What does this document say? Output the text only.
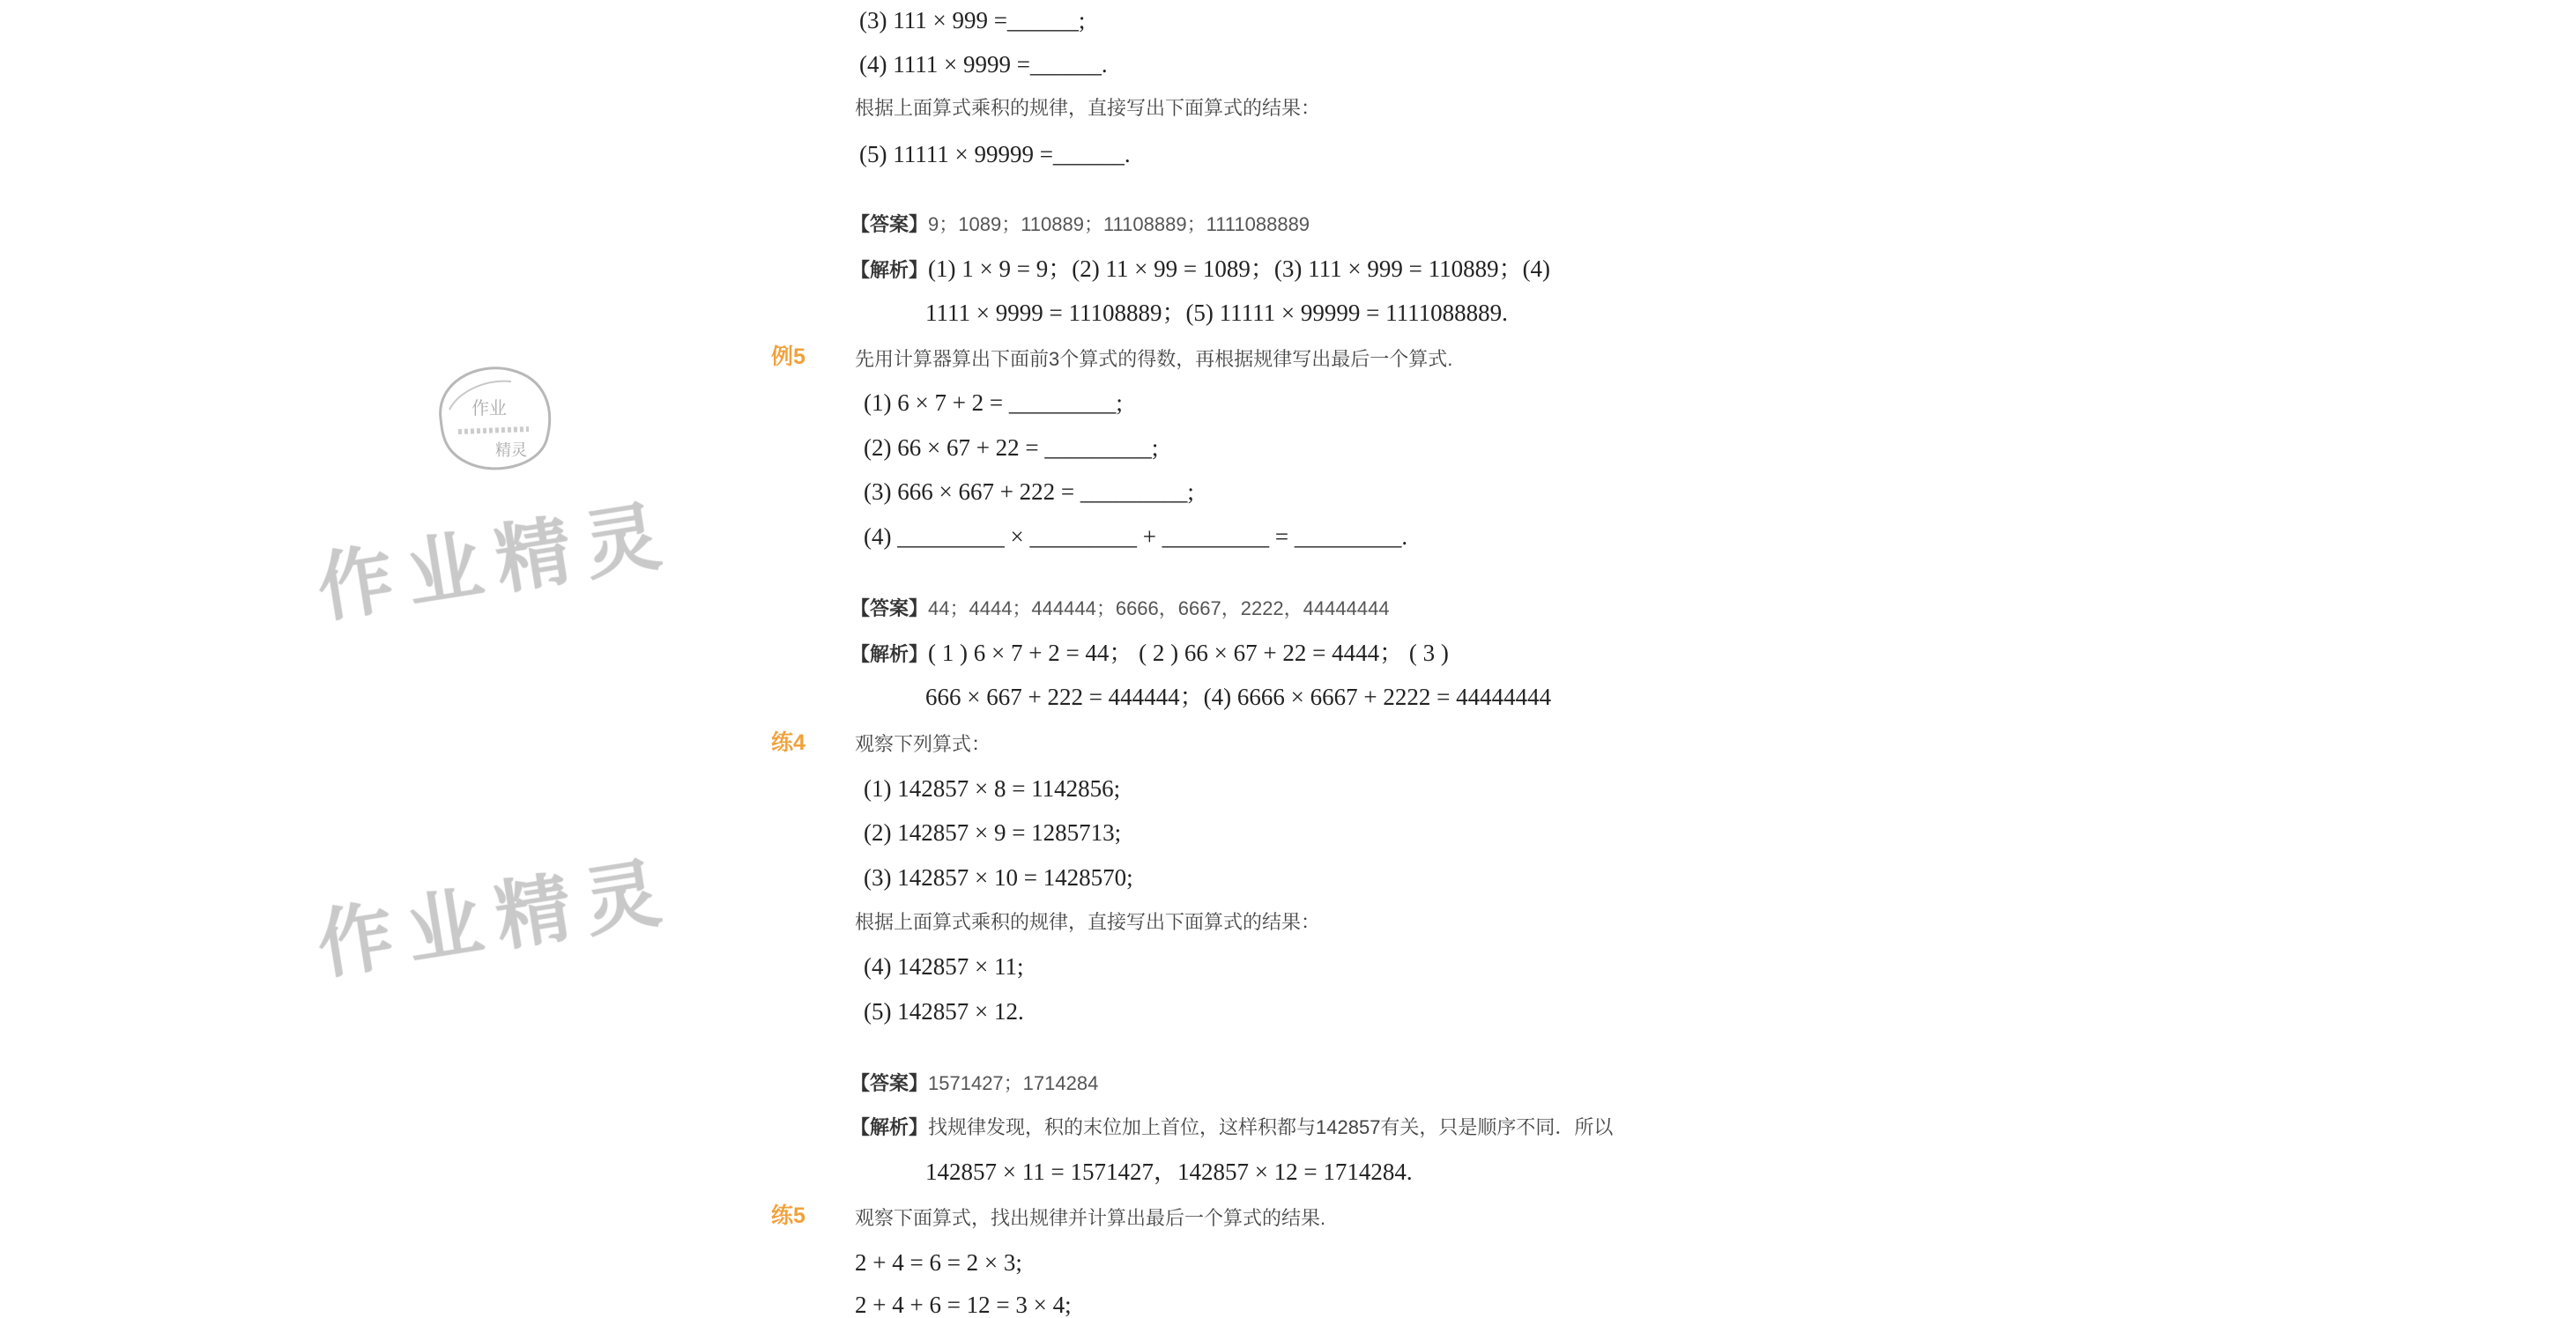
作业
精灵
作业精灵
作业精灵
(3) 111 × 999 =______;
(4) 1111 × 9999 =______.
根据上面算式乘积的规律，直接写出下面算式的结果：
(5) 11111 × 99999 =______.
【答案】9；1089；110889；11108889；1111088889
【解析】(1) 1 × 9 = 9；(2) 11 × 99 = 1089；(3) 111 × 999 = 110889；(4)
1111 × 9999 = 11108889；(5) 11111 × 99999 = 1111088889.
例5	先用计算器算出下面前3个算式的得数，再根据规律写出最后一个算式.
(1) 6 × 7 + 2 = _________;
(2) 66 × 67 + 22 = _________;
(3) 666 × 667 + 222 = _________;
(4) _________ × _________ + _________ = _________.
【答案】44；4444；444444；6666，6667，2222，44444444
【解析】( 1 ) 6 × 7 + 2 = 44； ( 2 ) 66 × 67 + 22 = 4444； ( 3 )
666 × 667 + 222 = 444444；(4) 6666 × 6667 + 2222 = 44444444
练4	观察下列算式：
(1) 142857 × 8 = 1142856;
(2) 142857 × 9 = 1285713;
(3) 142857 × 10 = 1428570;
根据上面算式乘积的规律，直接写出下面算式的结果：
(4) 142857 × 11;
(5) 142857 × 12.
【答案】1571427；1714284
【解析】找规律发现，积的末位加上首位，这样积都与142857有关，只是顺序不同．所以
142857 × 11 = 1571427，142857 × 12 = 1714284.
练5	观察下面算式，找出规律并计算出最后一个算式的结果.
2 + 4 = 6 = 2 × 3;
2 + 4 + 6 = 12 = 3 × 4;
